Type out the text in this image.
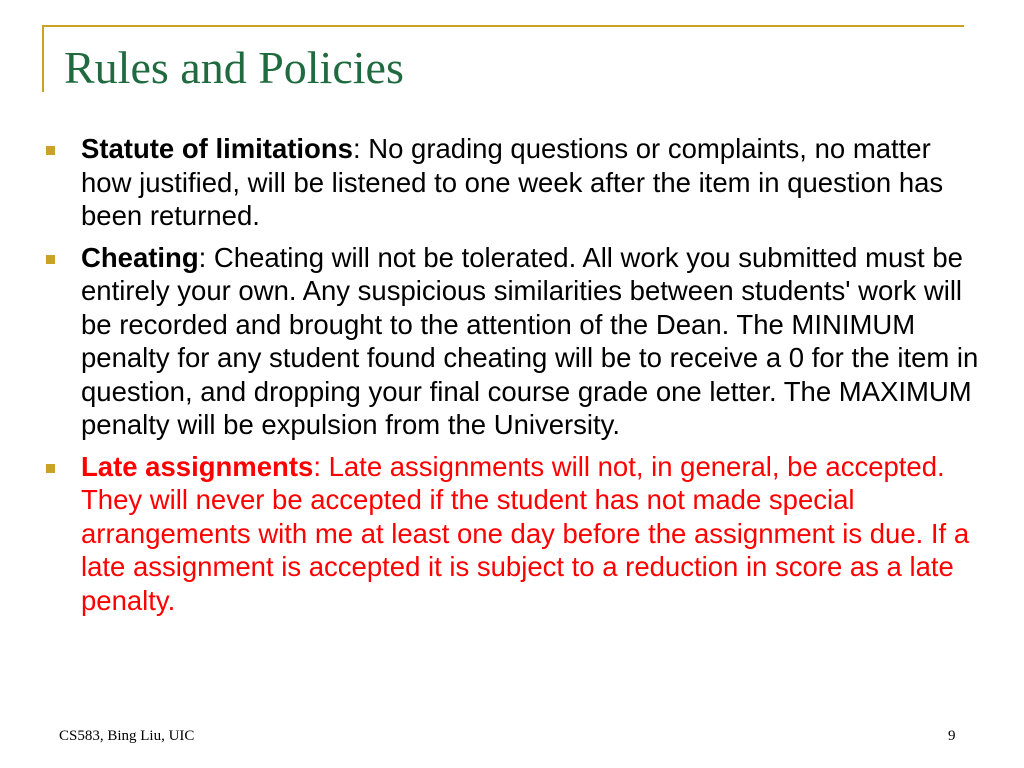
Rules and Policies
Statute of limitations: No grading questions or complaints, no matter how justified, will be listened to one week after the item in question has been returned.
Cheating: Cheating will not be tolerated. All work you submitted must be entirely your own. Any suspicious similarities between students' work will be recorded and brought to the attention of the Dean. The MINIMUM penalty for any student found cheating will be to receive a 0 for the item in question, and dropping your final course grade one letter. The MAXIMUM penalty will be expulsion from the University.
Late assignments: Late assignments will not, in general, be accepted. They will never be accepted if the student has not made special arrangements with me at least one day before the assignment is due. If a late assignment is accepted it is subject to a reduction in score as a late penalty.
CS583, Bing Liu, UIC	9
